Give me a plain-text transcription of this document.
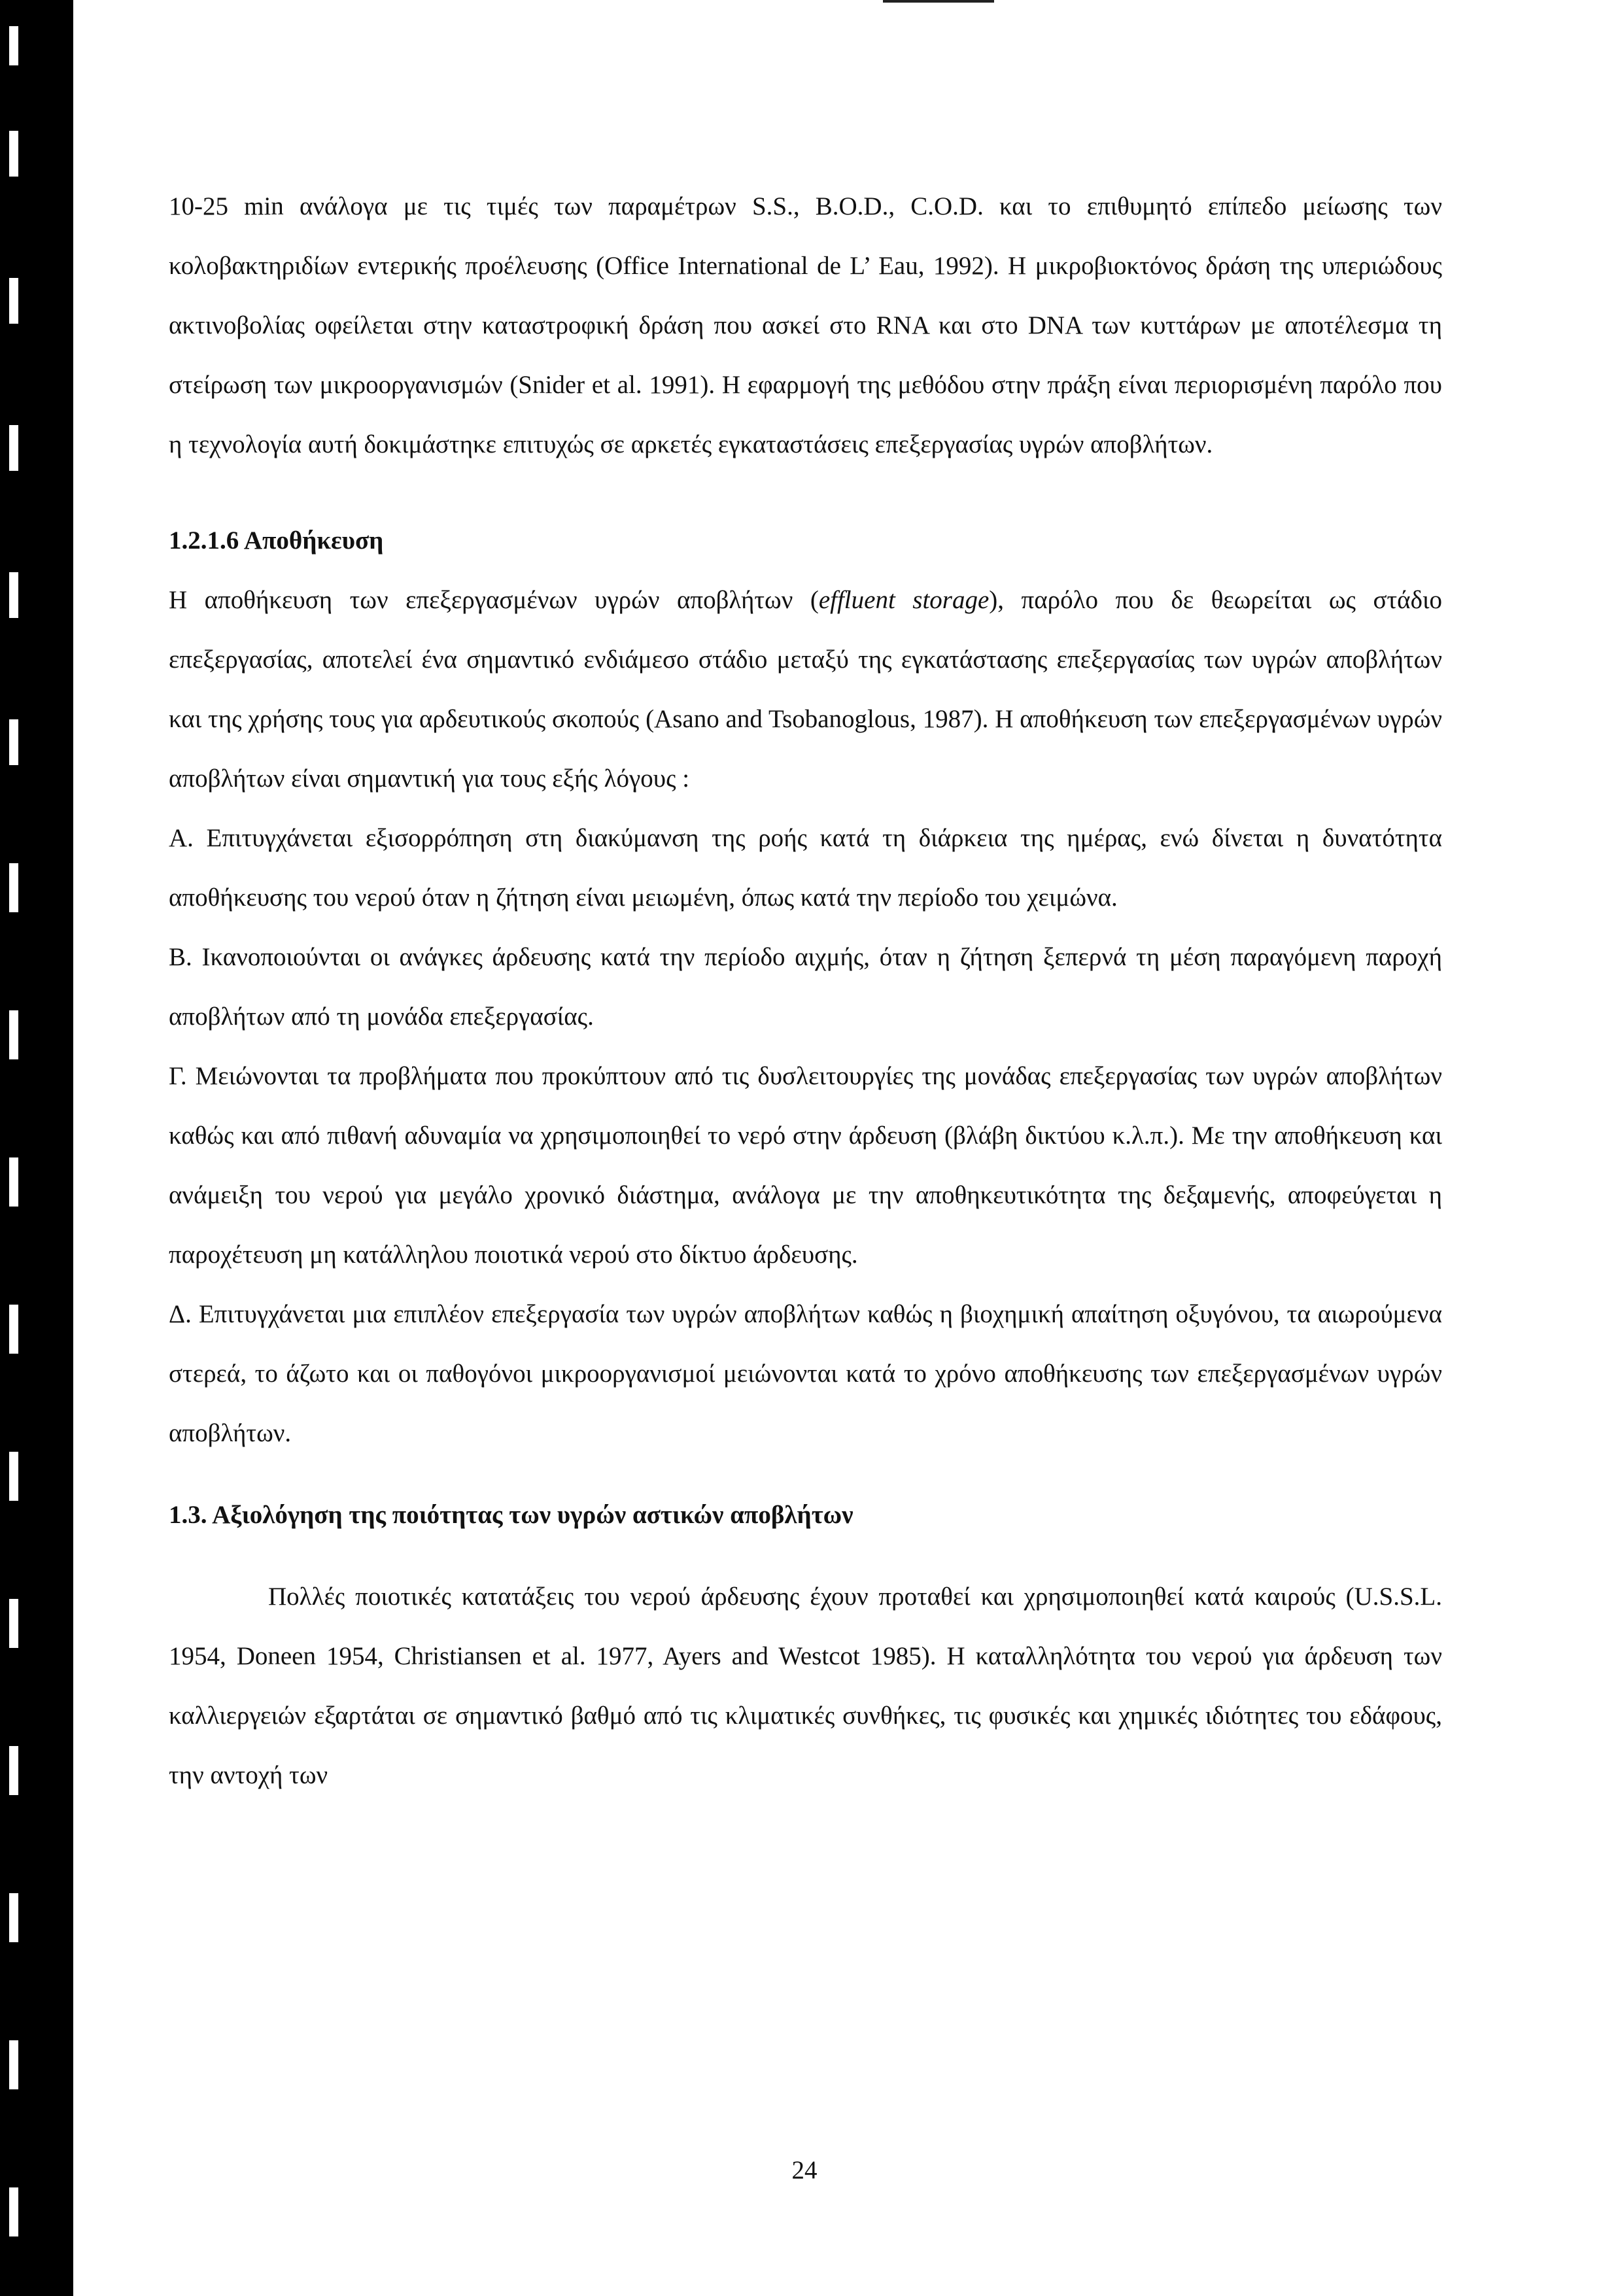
10-25 min ανάλογα με τις τιμές των παραμέτρων S.S., B.O.D., C.O.D. και το επιθυμητό επίπεδο μείωσης των κολοβακτηριδίων εντερικής προέλευσης (Office International de L’ Eau, 1992). Η μικροβιοκτόνος δράση της υπεριώδους ακτινοβολίας οφείλεται στην καταστροφική δράση που ασκεί στο RNA και στο DNA των κυττάρων με αποτέλεσμα τη στείρωση των μικροοργανισμών (Snider et al. 1991). Η εφαρμογή της μεθόδου στην πράξη είναι περιορισμένη παρόλο που η τεχνολογία αυτή δοκιμάστηκε επιτυχώς σε αρκετές εγκαταστάσεις επεξεργασίας υγρών αποβλήτων.

1.2.1.6 Αποθήκευση

Η αποθήκευση των επεξεργασμένων υγρών αποβλήτων (effluent storage), παρόλο που δε θεωρείται ως στάδιο επεξεργασίας, αποτελεί ένα σημαντικό ενδιάμεσο στάδιο μεταξύ της εγκατάστασης επεξεργασίας των υγρών αποβλήτων και της χρήσης τους για αρδευτικούς σκοπούς (Asano and Tsobanoglous, 1987). Η αποθήκευση των επεξεργασμένων υγρών αποβλήτων είναι σημαντική για τους εξής λόγους :

Α. Επιτυγχάνεται εξισορρόπηση στη διακύμανση της ροής κατά τη διάρκεια της ημέρας, ενώ δίνεται η δυνατότητα αποθήκευσης του νερού όταν η ζήτηση είναι μειωμένη, όπως κατά την περίοδο του χειμώνα.

Β. Ικανοποιούνται οι ανάγκες άρδευσης κατά την περίοδο αιχμής, όταν η ζήτηση ξεπερνά τη μέση παραγόμενη παροχή αποβλήτων από τη μονάδα επεξεργασίας.

Γ. Μειώνονται τα προβλήματα που προκύπτουν από τις δυσλειτουργίες της μονάδας επεξεργασίας των υγρών αποβλήτων καθώς και από πιθανή αδυναμία να χρησιμοποιηθεί το νερό στην άρδευση (βλάβη δικτύου κ.λ.π.). Με την αποθήκευση και ανάμειξη του νερού για μεγάλο χρονικό διάστημα, ανάλογα με την αποθηκευτικότητα της δεξαμενής, αποφεύγεται η παροχέτευση μη κατάλληλου ποιοτικά νερού στο δίκτυο άρδευσης.

Δ. Επιτυγχάνεται μια επιπλέον επεξεργασία των υγρών αποβλήτων καθώς η βιοχημική απαίτηση οξυγόνου, τα αιωρούμενα στερεά, το άζωτο και οι παθογόνοι μικροοργανισμοί μειώνονται κατά το χρόνο αποθήκευσης των επεξεργασμένων υγρών αποβλήτων.

1.3. Αξιολόγηση της ποιότητας των υγρών αστικών αποβλήτων

Πολλές ποιοτικές κατατάξεις του νερού άρδευσης έχουν προταθεί και χρησιμοποιηθεί κατά καιρούς (U.S.S.L. 1954, Doneen 1954, Christiansen et al. 1977, Ayers and Westcot 1985). Η καταλληλότητα του νερού για άρδευση των καλλιεργειών εξαρτάται σε σημαντικό βαθμό από τις κλιματικές συνθήκες, τις φυσικές και χημικές ιδιότητες του εδάφους, την αντοχή των

24
